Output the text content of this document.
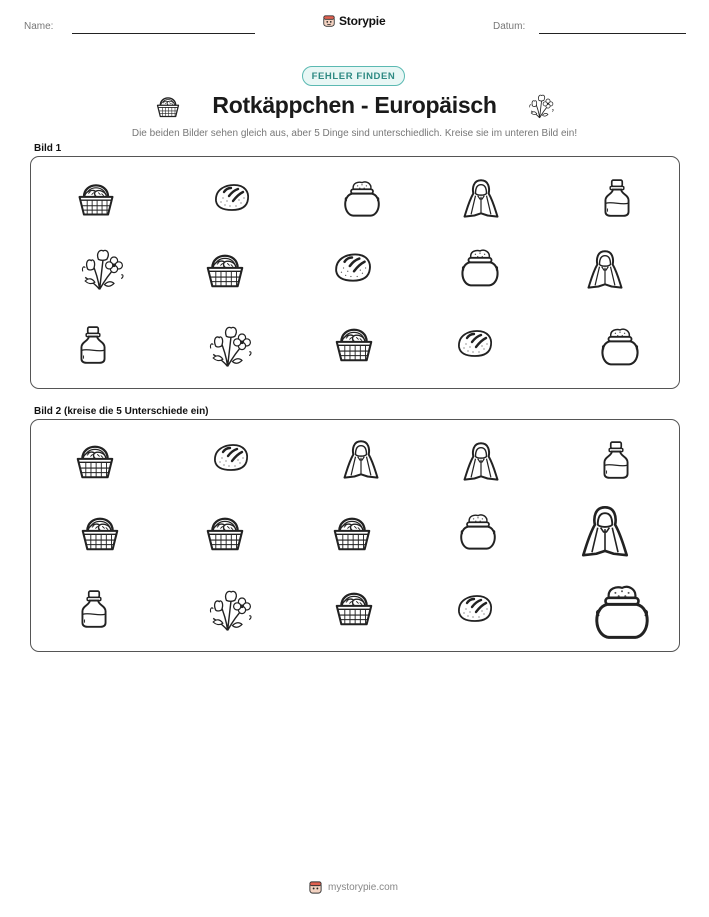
Name:	Storypie	Datum:
FEHLER FINDEN
Rotkäppchen - Europäisch
Die beiden Bilder sehen gleich aus, aber 5 Dinge sind unterschiedlich. Kreise sie im unteren Bild ein!
Bild 1
Bild 2 (kreise die 5 Unterschiede ein)
mystorypie.com
